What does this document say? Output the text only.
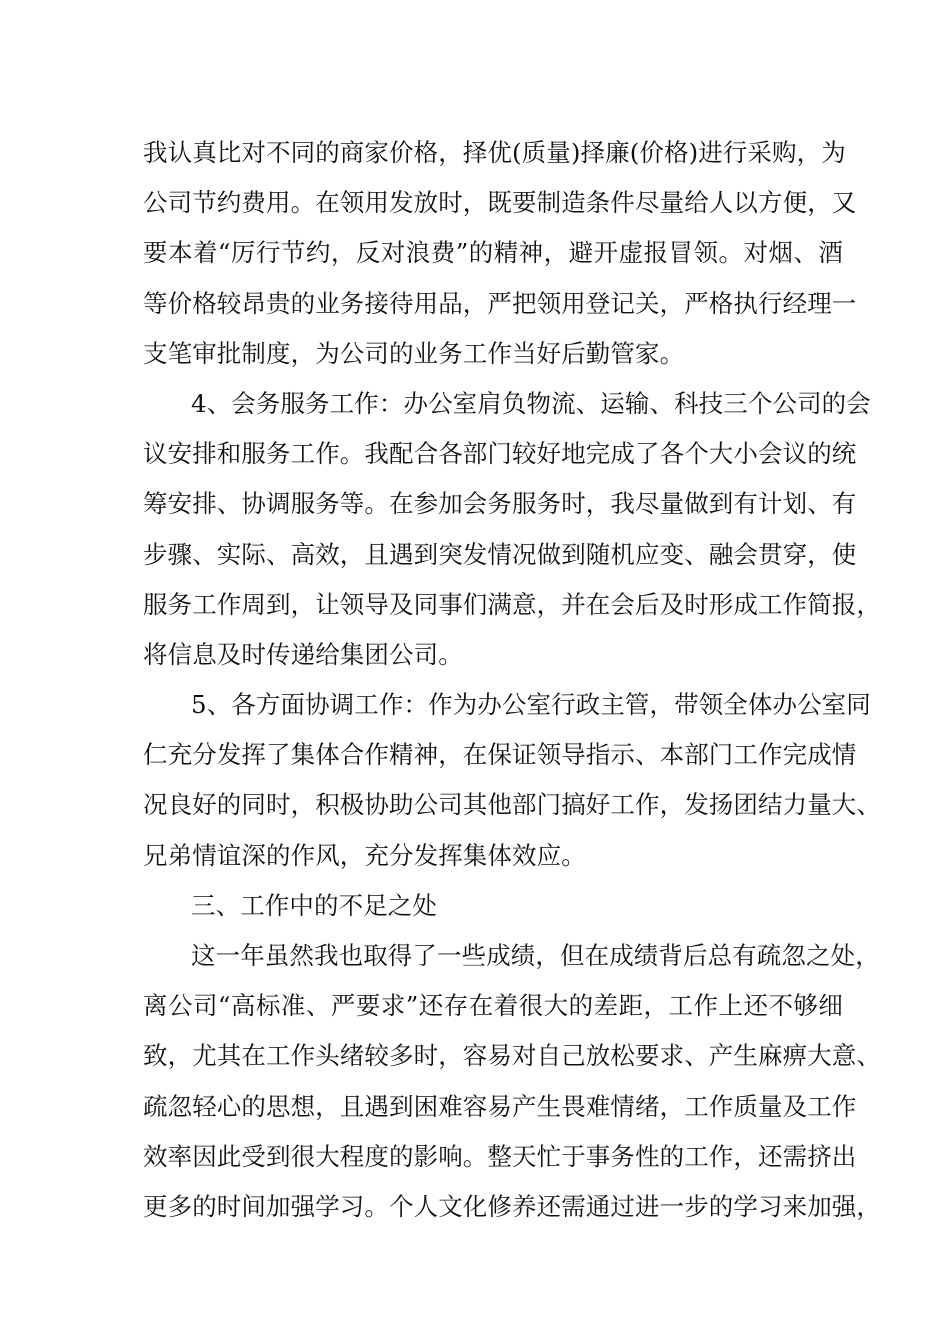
我认真比对不同的商家价格，择优(质量)择廉(价格)进行采购，为
公司节约费用。在领用发放时，既要制造条件尽量给人以方便，又
要本着“厉行节约，反对浪费”的精神，避开虚报冒领。对烟、酒
等价格较昂贵的业务接待用品，严把领用登记关，严格执行经理一
支笔审批制度，为公司的业务工作当好后勤管家。
4、会务服务工作：办公室肩负物流、运输、科技三个公司的会
议安排和服务工作。我配合各部门较好地完成了各个大小会议的统
筹安排、协调服务等。在参加会务服务时，我尽量做到有计划、有
步骤、实际、高效，且遇到突发情况做到随机应变、融会贯穿，使
服务工作周到，让领导及同事们满意，并在会后及时形成工作简报，
将信息及时传递给集团公司。
5、各方面协调工作：作为办公室行政主管，带领全体办公室同
仁充分发挥了集体合作精神，在保证领导指示、本部门工作完成情
况良好的同时，积极协助公司其他部门搞好工作，发扬团结力量大、
兄弟情谊深的作风，充分发挥集体效应。
三、工作中的不足之处
这一年虽然我也取得了一些成绩，但在成绩背后总有疏忽之处，
离公司“高标准、严要求”还存在着很大的差距，工作上还不够细
致，尤其在工作头绪较多时，容易对自己放松要求、产生麻痹大意、
疏忽轻心的思想，且遇到困难容易产生畏难情绪，工作质量及工作
效率因此受到很大程度的影响。整天忙于事务性的工作，还需挤出
更多的时间加强学习。个人文化修养还需通过进一步的学习来加强，
